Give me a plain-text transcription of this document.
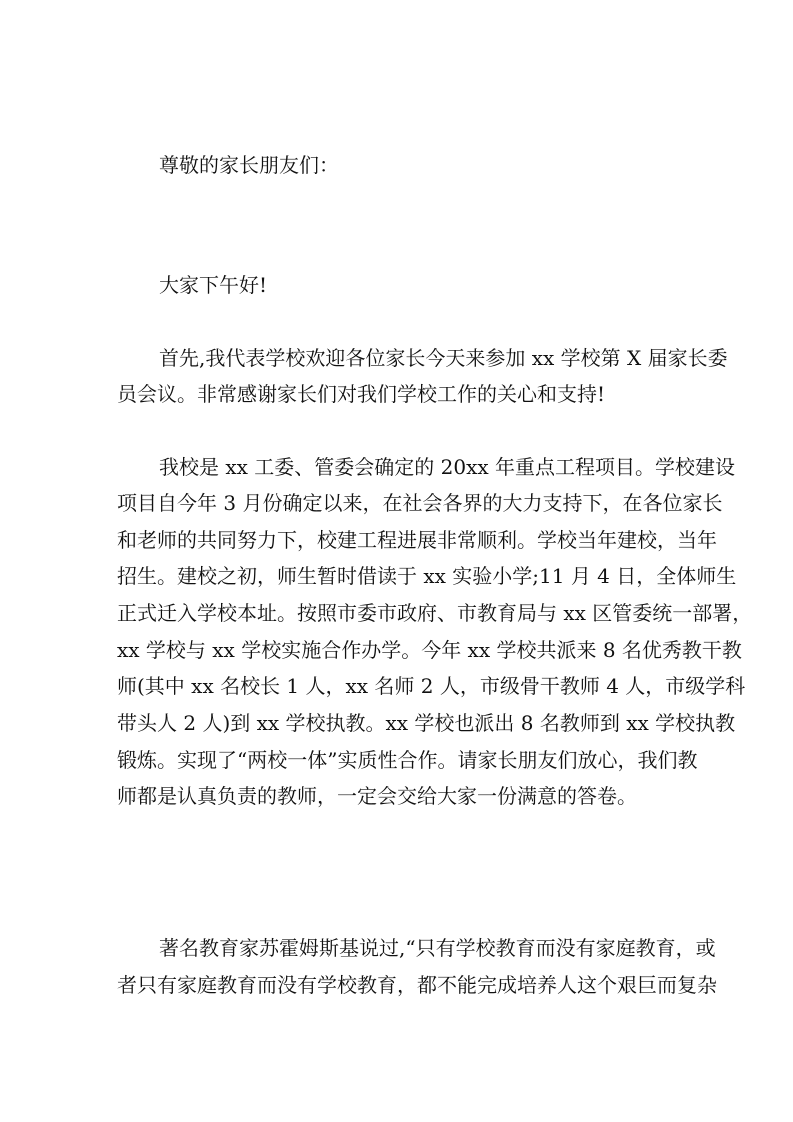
尊敬的家长朋友们：
大家下午好!
首先,我代表学校欢迎各位家长今天来参加 xx 学校第 X 届家长委
员会议。非常感谢家长们对我们学校工作的关心和支持!
我校是 xx 工委、管委会确定的 20xx 年重点工程项目。学校建设
项目自今年 3 月份确定以来，在社会各界的大力支持下，在各位家长
和老师的共同努力下，校建工程进展非常顺利。学校当年建校，当年
招生。建校之初，师生暂时借读于 xx 实验小学;11 月 4 日，全体师生
正式迁入学校本址。按照市委市政府、市教育局与 xx 区管委统一部署，
xx 学校与 xx 学校实施合作办学。今年 xx 学校共派来 8 名优秀教干教
师(其中 xx 名校长 1 人，xx 名师 2 人，市级骨干教师 4 人，市级学科
带头人 2 人)到 xx 学校执教。xx 学校也派出 8 名教师到 xx 学校执教
锻炼。实现了“两校一体”实质性合作。请家长朋友们放心，我们教
师都是认真负责的教师，一定会交给大家一份满意的答卷。
著名教育家苏霍姆斯基说过,“只有学校教育而没有家庭教育，或
者只有家庭教育而没有学校教育，都不能完成培养人这个艰巨而复杂
